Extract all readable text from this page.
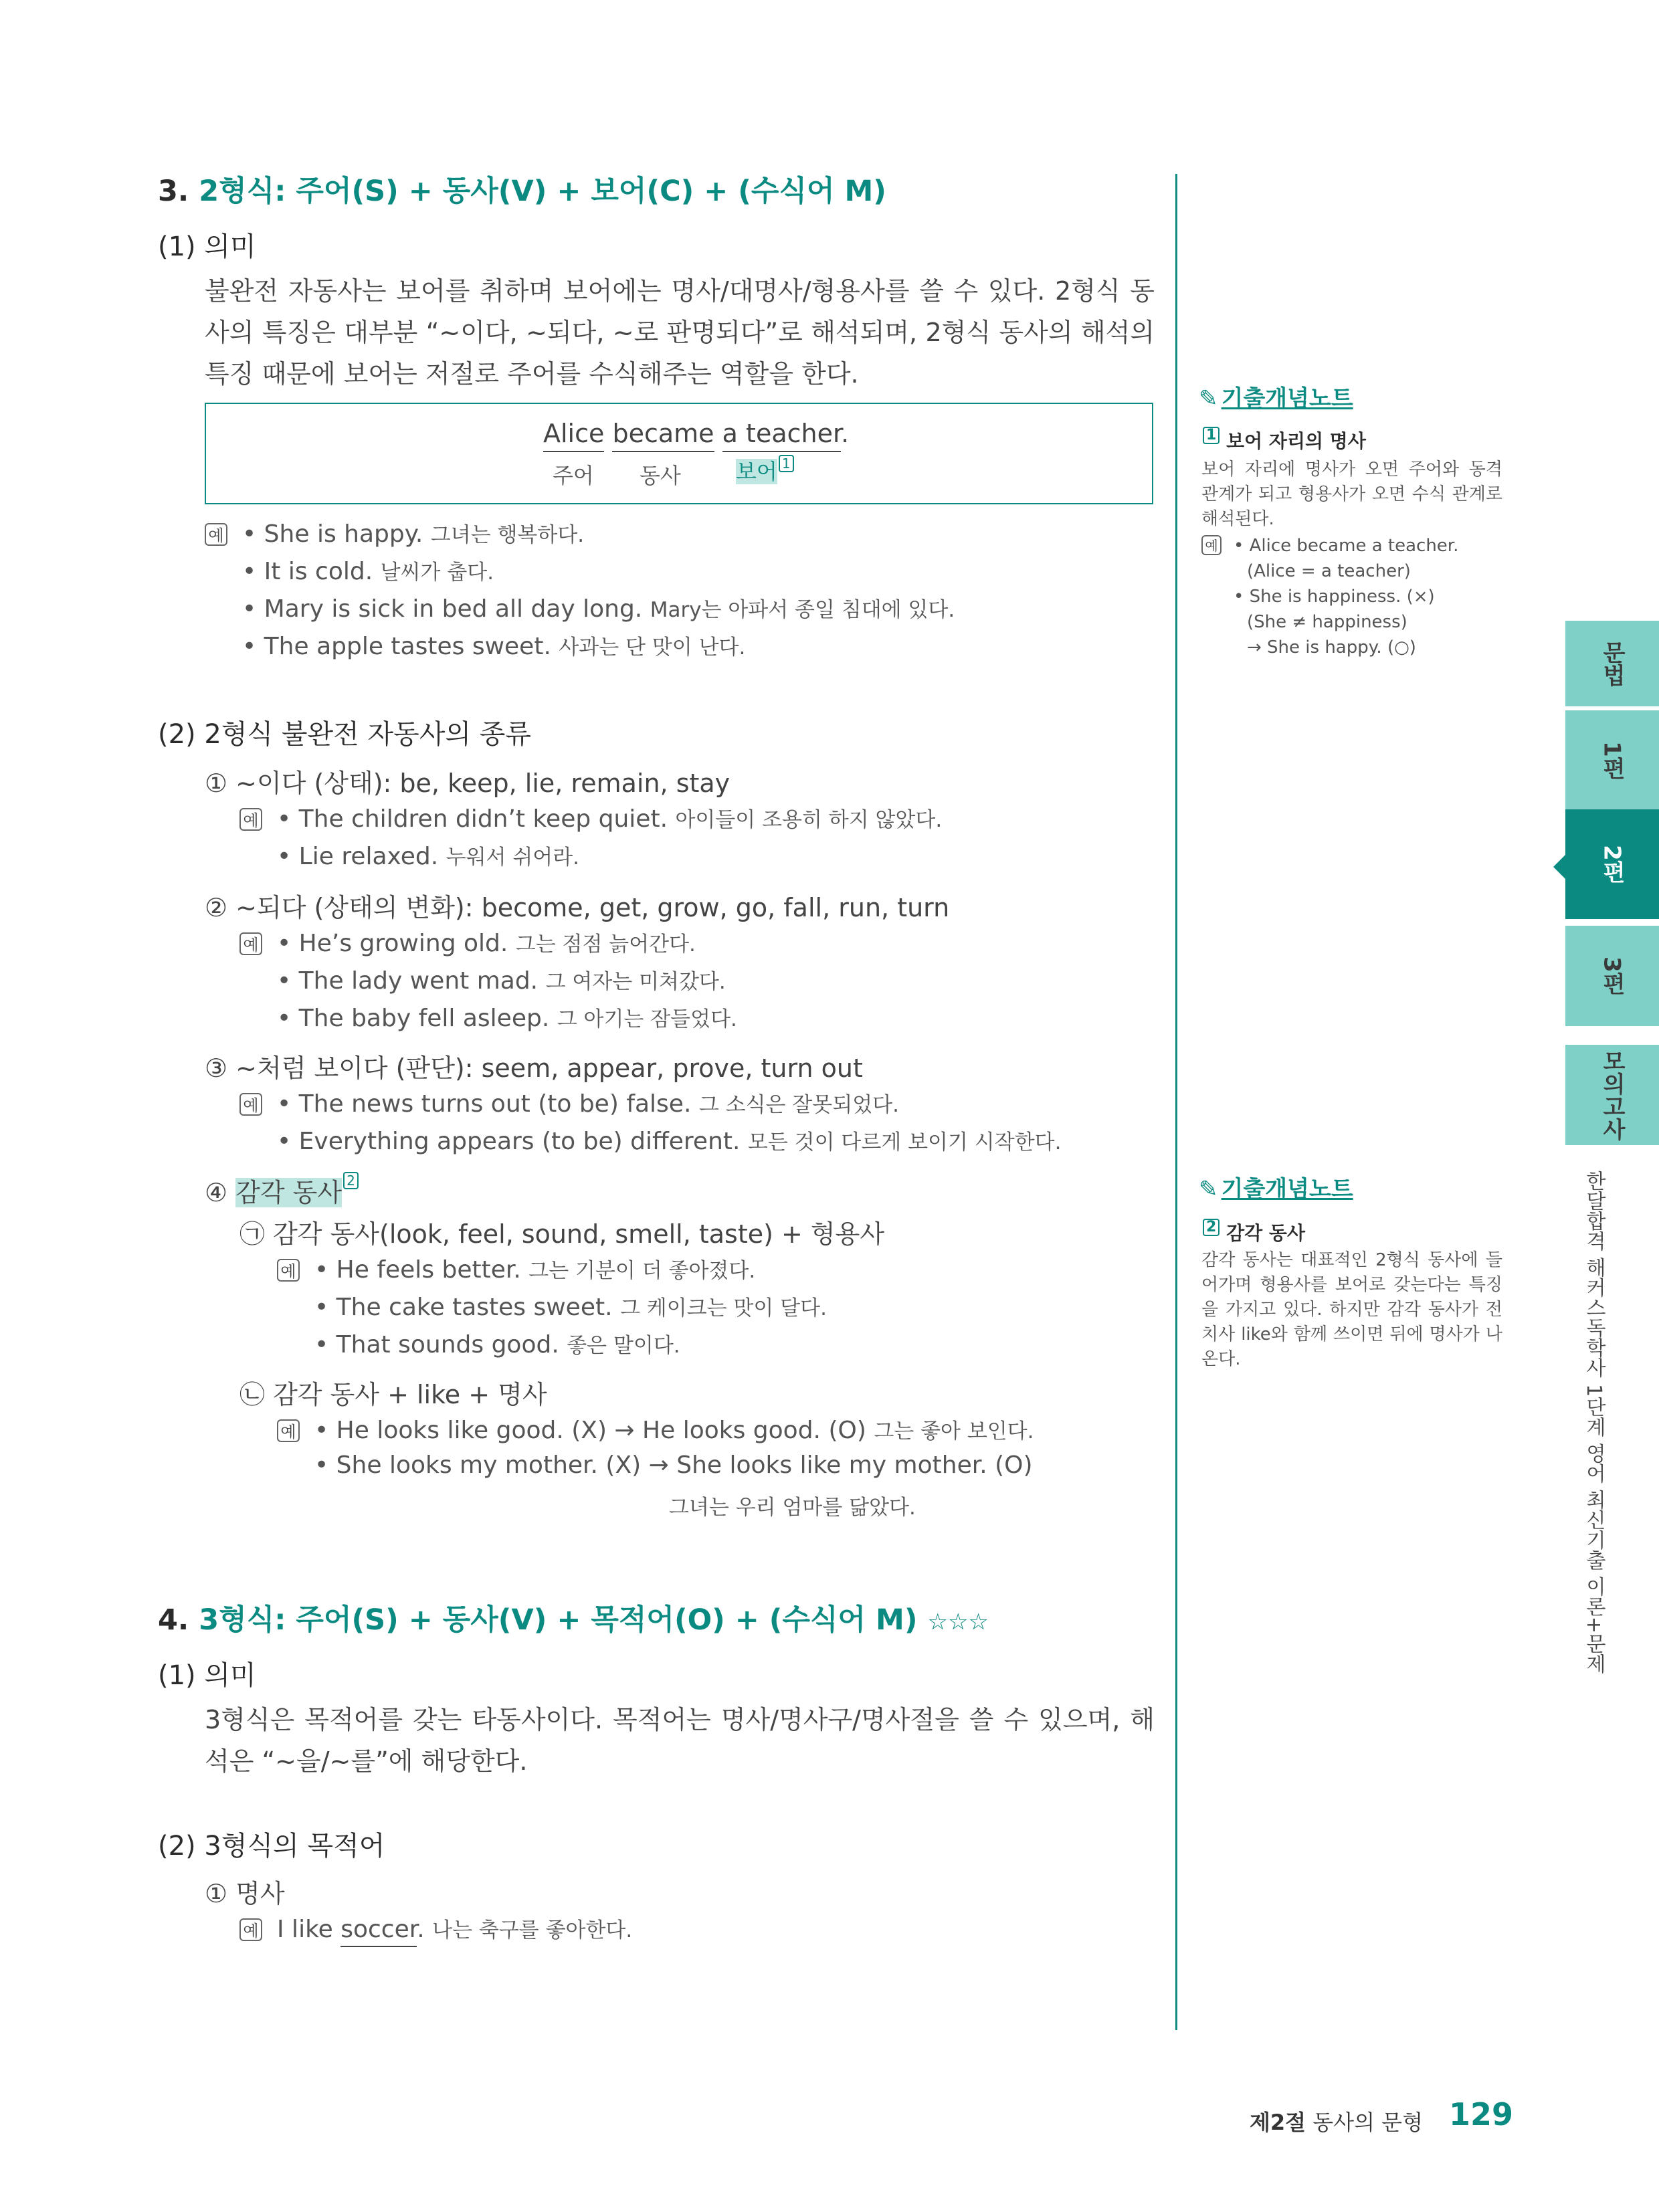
3. 2형식: 주어(S) + 동사(V) + 보어(C) + (수식어 M)
(1) 의미
불완전 자동사는 보어를 취하며 보어에는 명사/대명사/형용사를 쓸 수 있다. 2형식 동사의 특징은 대부분 “~이다, ~되다, ~로 판명되다”로 해석되며, 2형식 동사의 해석의 특징 때문에 보어는 저절로 주어를 수식해주는 역할을 한다.
Alice became a teacher.
주어 동사	보어 1
예 • She is happy. 그녀는 행복하다.
• It is cold. 날씨가 춥다.
• Mary is sick in bed all day long. Mary는 아파서 종일 침대에 있다.
• The apple tastes sweet. 사과는 단 맛이 난다.
(2) 2형식 불완전 자동사의 종류
① ~이다 (상태): be, keep, lie, remain, stay
예 • The children didn’t keep quiet. 아이들이 조용히 하지 않았다.
• Lie relaxed. 누워서 쉬어라.
② ~되다 (상태의 변화): become, get, grow, go, fall, run, turn
예 • He’s growing old. 그는 점점 늙어간다.
• The lady went mad. 그 여자는 미쳐갔다.
• The baby fell asleep. 그 아기는 잠들었다.
③ ~처럼 보이다 (판단): seem, appear, prove, turn out
예 • The news turns out (to be) false. 그 소식은 잘못되었다.
• Everything appears (to be) different. 모든 것이 다르게 보이기 시작한다.
④ 감각 동사 2
㉠ 감각 동사(look, feel, sound, smell, taste) + 형용사
예 • He feels better. 그는 기분이 더 좋아졌다.
• The cake tastes sweet. 그 케이크는 맛이 달다.
• That sounds good. 좋은 말이다.
㉡ 감각 동사 + like + 명사
예 • He looks like good. (X) → He looks good. (O) 그는 좋아 보인다.
• She looks my mother. (X) → She looks like my mother. (O)
그녀는 우리 엄마를 닮았다.
4. 3형식: 주어(S) + 동사(V) + 목적어(O) + (수식어 M) ☆☆☆
(1) 의미
3형식은 목적어를 갖는 타동사이다. 목적어는 명사/명사구/명사절을 쓸 수 있으며, 해석은 “~을/~를”에 해당한다.
(2) 3형식의 목적어
① 명사
예 I like soccer. 나는 축구를 좋아한다.
✎ 기출개념노트
1 보어 자리의 명사
보어 자리에 명사가 오면 주어와 동격 관계가 되고 형용사가 오면 수식 관계로 해석된다.
예 • Alice became a teacher.
(Alice = a teacher)
• She is happiness. (×)
(She ≠ happiness)
→ She is happy. (○)
✎ 기출개념노트
2 감각 동사
감각 동사는 대표적인 2형식 동사에 들어가며 형용사를 보어로 갖는다는 특징을 가지고 있다. 하지만 감각 동사가 전치사 like와 함께 쓰이면 뒤에 명사가 나온다.
문법
1편
2편
3편
모의고사
한달합격 해커스독학사 1단계 영어 최신기출 이론+문제
제2절 동사의 문형 129
